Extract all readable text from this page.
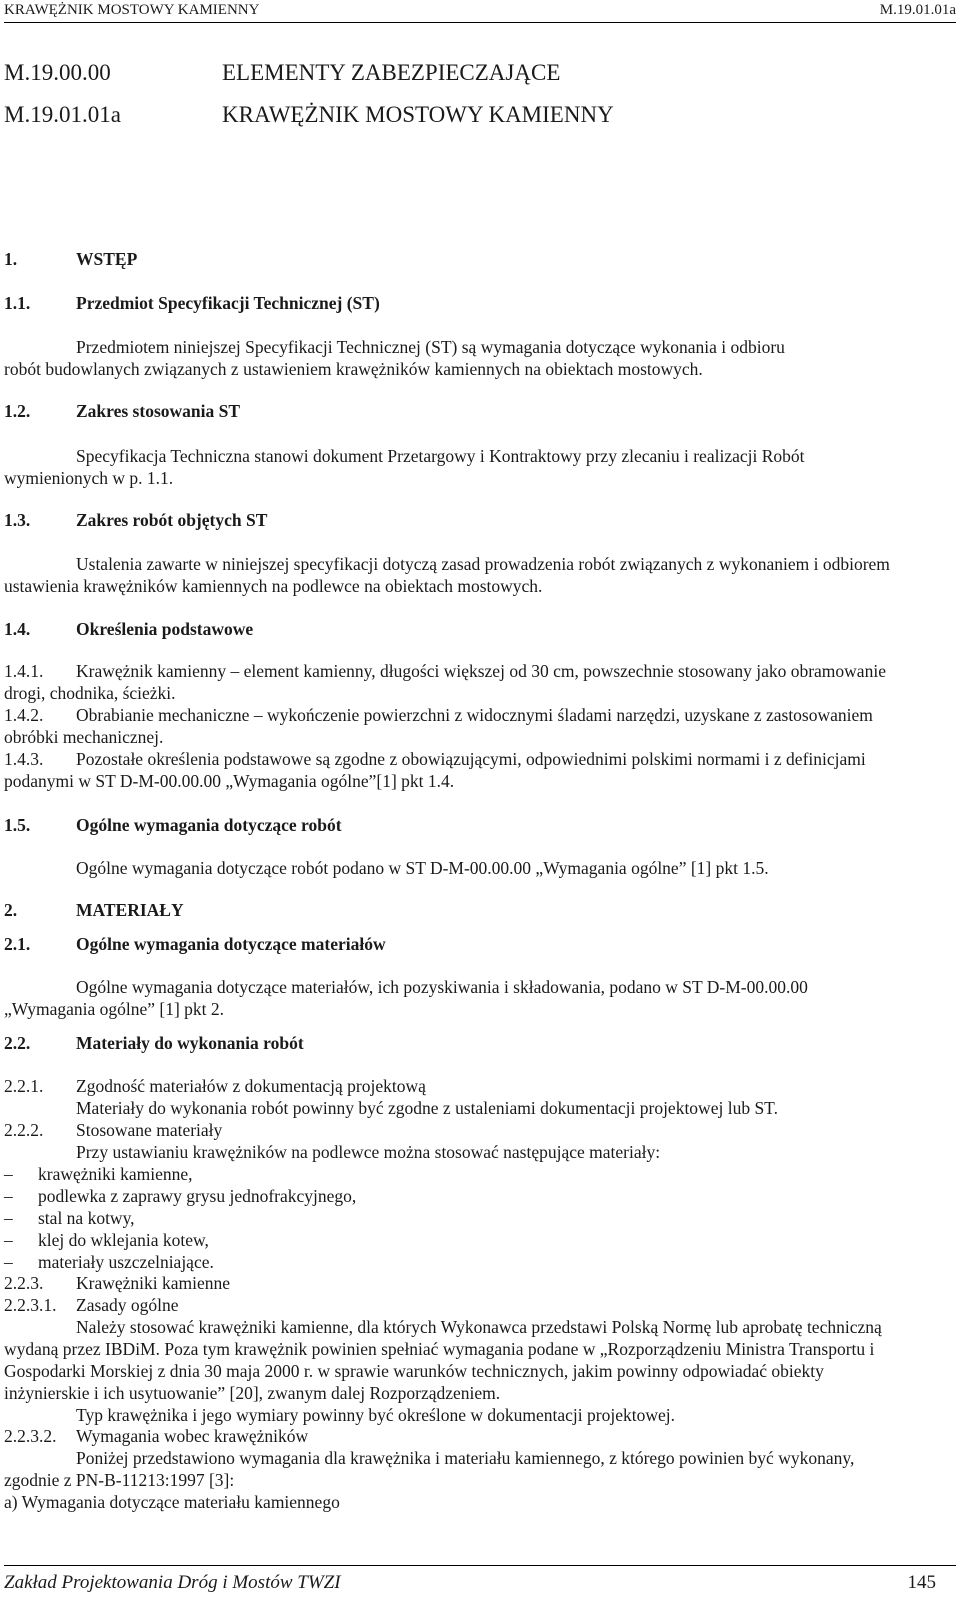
KRAWĘŻNIK MOSTOWY KAMIENNY	M.19.01.01a
M.19.00.00	ELEMENTY ZABEZPIECZAJĄCE
M.19.01.01a	KRAWĘŻNIK MOSTOWY KAMIENNY
1.	WSTĘP
1.1.	Przedmiot Specyfikacji Technicznej (ST)
Przedmiotem niniejszej Specyfikacji Technicznej (ST) są wymagania dotyczące wykonania i odbioru
robót budowlanych związanych z ustawieniem krawężników kamiennych na obiektach mostowych.
1.2.	Zakres stosowania ST
Specyfikacja Techniczna stanowi dokument Przetargowy i Kontraktowy przy zlecaniu i realizacji Robót
wymienionych w p. 1.1.
1.3.	Zakres robót objętych ST
Ustalenia zawarte w niniejszej specyfikacji dotyczą zasad prowadzenia robót związanych z wykonaniem i odbiorem
ustawienia krawężników kamiennych na podlewce na obiektach mostowych.
1.4.	Określenia podstawowe
1.4.1. Krawężnik kamienny – element kamienny, długości większej od 30 cm, powszechnie stosowany jako obramowanie
drogi, chodnika, ścieżki.
1.4.2. Obrabianie mechaniczne – wykończenie powierzchni z widocznymi śladami narzędzi, uzyskane z zastosowaniem
obróbki mechanicznej.
1.4.3. Pozostałe określenia podstawowe są zgodne z obowiązującymi, odpowiednimi polskimi normami i z definicjami
podanymi w ST D-M-00.00.00 „Wymagania ogólne”[1] pkt 1.4.
1.5.	Ogólne wymagania dotyczące robót
Ogólne wymagania dotyczące robót podano w ST D-M-00.00.00 „Wymagania ogólne” [1] pkt 1.5.
2.	MATERIAŁY
2.1.	Ogólne wymagania dotyczące materiałów
Ogólne wymagania dotyczące materiałów, ich pozyskiwania i składowania, podano w ST D-M-00.00.00
„Wymagania ogólne” [1] pkt 2.
2.2.	Materiały do wykonania robót
2.2.1. Zgodność materiałów z dokumentacją projektową
Materiały do wykonania robót powinny być zgodne z ustaleniami dokumentacji projektowej lub ST.
2.2.2. Stosowane materiały
Przy ustawianiu krawężników na podlewce można stosować następujące materiały:
– krawężniki kamienne,
– podlewka z zaprawy grysu jednofrakcyjnego,
– stal na kotwy,
– klej do wklejania kotew,
– materiały uszczelniające.
2.2.3. Krawężniki kamienne
2.2.3.1. Zasady ogólne
Należy stosować krawężniki kamienne, dla których Wykonawca przedstawi Polską Normę lub aprobatę techniczną
wydaną przez IBDiM. Poza tym krawężnik powinien spełniać wymagania podane w „Rozporządzeniu Ministra Transportu i
Gospodarki Morskiej z dnia 30 maja 2000 r. w sprawie warunków technicznych, jakim powinny odpowiadać obiekty
inżynierskie i ich usytuowanie” [20], zwanym dalej Rozporządzeniem.
Typ krawężnika i jego wymiary powinny być określone w dokumentacji projektowej.
2.2.3.2. Wymagania wobec krawężników
Poniżej przedstawiono wymagania dla krawężnika i materiału kamiennego, z którego powinien być wykonany,
zgodnie z PN-B-11213:1997 [3]:
a) Wymagania dotyczące materiału kamiennego
Zakład Projektowania Dróg i Mostów TWZI	145
